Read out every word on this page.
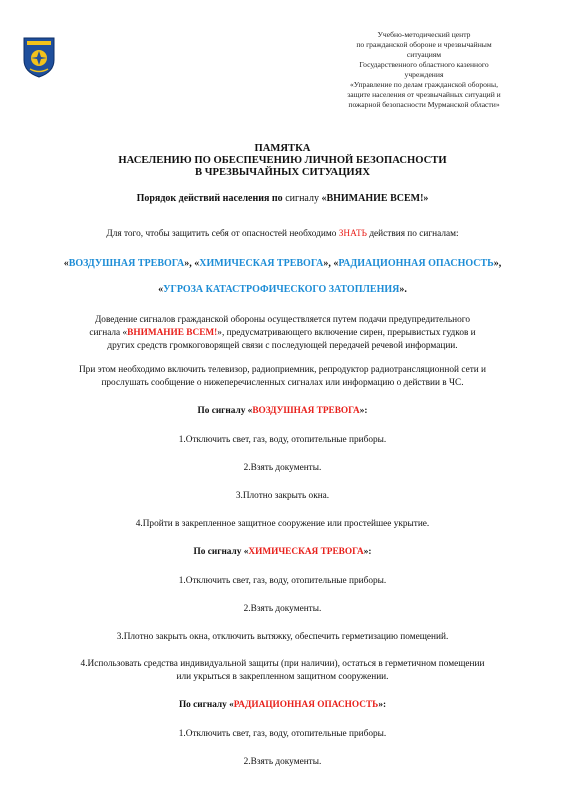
Учебно-методический центр
по гражданской обороне и чрезвычайным
ситуациям
Государственного областного казенного
учреждения
«Управление по делам гражданской обороны,
защите населения от чрезвычайных ситуаций и
пожарной безопасности Мурманской области»
ПАМЯТКА
НАСЕЛЕНИЮ ПО ОБЕСПЕЧЕНИЮ ЛИЧНОЙ БЕЗОПАСНОСТИ
В ЧРЕЗВЫЧАЙНЫХ СИТУАЦИЯХ
Порядок действий населения по сигналу «ВНИМАНИЕ ВСЕМ!»
Для того, чтобы защитить себя от опасностей необходимо ЗНАТЬ действия по сигналам:
«ВОЗДУШНАЯ ТРЕВОГА», «ХИМИЧЕСКАЯ ТРЕВОГА», «РАДИАЦИОННАЯ ОПАСНОСТЬ»,
«УГРОЗА КАТАСТРОФИЧЕСКОГО ЗАТОПЛЕНИЯ».
Доведение сигналов гражданской обороны осуществляется путем подачи предупредительного
сигнала «ВНИМАНИЕ ВСЕМ!», предусматривающего включение сирен, прерывистых гудков и
других средств громкоговорящей связи с последующей передачей речевой информации.
При этом необходимо включить телевизор, радиоприемник, репродуктор радиотрансляционной сети и
прослушать сообщение о нижеперечисленных сигналах или информацию о действии в ЧС.
По сигналу «ВОЗДУШНАЯ ТРЕВОГА»:
1.Отключить свет, газ, воду, отопительные приборы.
2.Взять документы.
3.Плотно закрыть окна.
4.Пройти в закрепленное защитное сооружение или простейшее укрытие.
По сигналу «ХИМИЧЕСКАЯ ТРЕВОГА»:
1.Отключить свет, газ, воду, отопительные приборы.
2.Взять документы.
3.Плотно закрыть окна, отключить вытяжку, обеспечить герметизацию помещений.
4.Использовать средства индивидуальной защиты (при наличии), остаться в герметичном помещении
или укрыться в закрепленном защитном сооружении.
По сигналу «РАДИАЦИОННАЯ ОПАСНОСТЬ»:
1.Отключить свет, газ, воду, отопительные приборы.
2.Взять документы.
